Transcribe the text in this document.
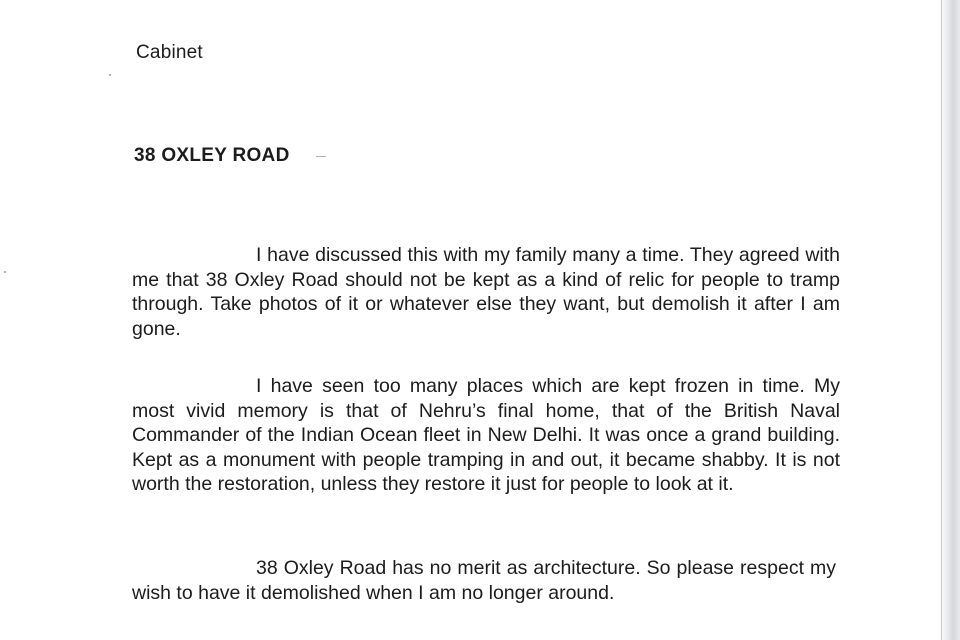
Cabinet
38 OXLEY ROAD

I have discussed this with my family many a time. They agreed with me that 38 Oxley Road should not be kept as a kind of relic for people to tramp through. Take photos of it or whatever else they want, but demolish it after I am gone.

I have seen too many places which are kept frozen in time. My most vivid memory is that of Nehru’s final home, that of the British Naval Commander of the Indian Ocean fleet in New Delhi. It was once a grand building. Kept as a monument with people tramping in and out, it became shabby. It is not worth the restoration, unless they restore it just for people to look at it.

38 Oxley Road has no merit as architecture. So please respect my wish to have it demolished when I am no longer around.
